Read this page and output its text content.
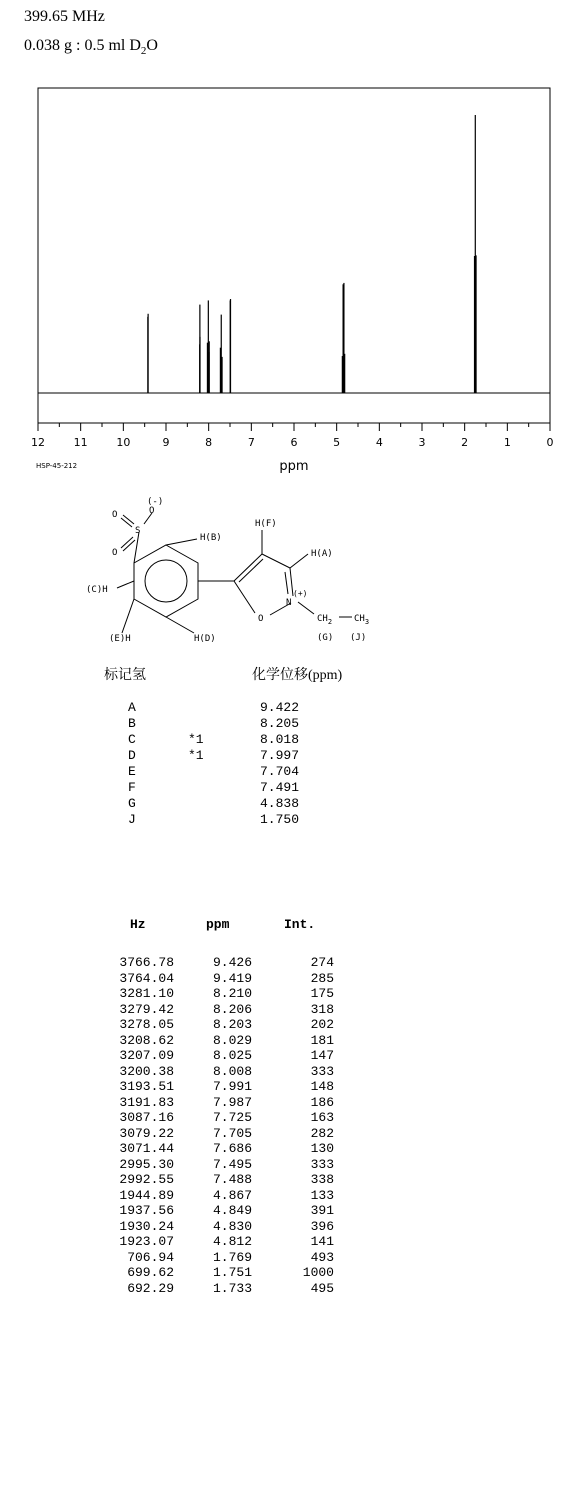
399.65 MHz
0.038 g : 0.5 ml $D_2O$
12	11	10	9	8	7	6	5	4	3	2	1	0
ppm
HSP-45-212
(-)
O
O
O
S
H(B)
H(F)
H(A)
(C)H
(E)H	H(D)
O
N
(+)
$CH_2$ $CH_3$
(G) (J)
标记氢	化学位移(ppm)
A	9.422
B	8.205
C	*1	8.018
D	*1	7.997
E	7.704
F	7.491
G	4.838
J	1.750
Hz	ppm	Int.
3766.78	9.426	274
3764.04	9.419	285
3281.10	8.210	175
3279.42	8.206	318
3278.05	8.203	202
3208.62	8.029	181
3207.09	8.025	147
3200.38	8.008	333
3193.51	7.991	148
3191.83	7.987	186
3087.16	7.725	163
3079.22	7.705	282
3071.44	7.686	130
2995.30	7.495	333
2992.55	7.488	338
1944.89	4.867	133
1937.56	4.849	391
1930.24	4.830	396
1923.07	4.812	141
706.94	1.769	493
699.62	1.751	1000
692.29	1.733	495
